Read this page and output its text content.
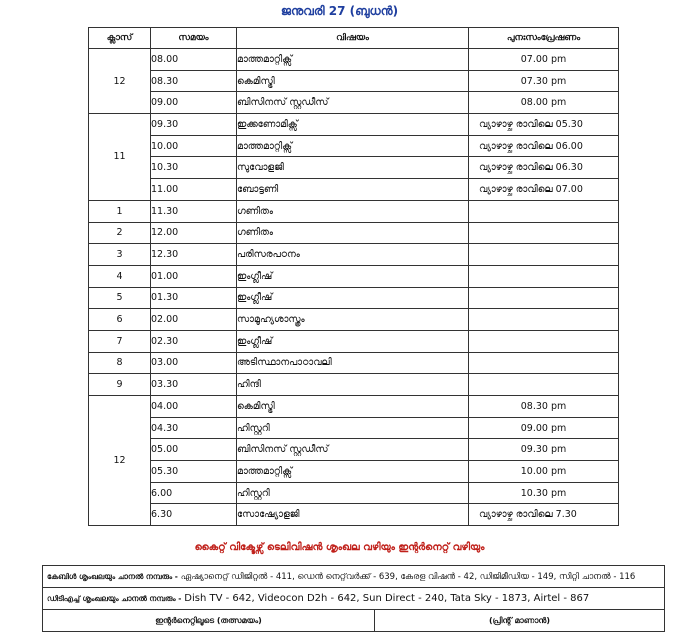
ജനുവരി 27 (ബുധൻ)
ക്ലാസ്	സമയം	വിഷയം	പുനഃസംപ്രേഷണം
12	08.00	മാത്തമാറ്റിക്സ്	07.00 pm
	08.30	കെമിസ്ട്രി	07.30 pm
	09.00	ബിസിനസ് സ്റ്റഡീസ്	08.00 pm
11	09.30	ഇക്കണോമിക്സ്	വ്യാഴാഴ്ച രാവിലെ 05.30
	10.00	മാത്തമാറ്റിക്സ്	വ്യാഴാഴ്ച രാവിലെ 06.00
	10.30	സുവോളജി	വ്യാഴാഴ്ച രാവിലെ 06.30
	11.00	ബോട്ടണി	വ്യാഴാഴ്ച രാവിലെ 07.00
1	11.30	ഗണിതം	
2	12.00	ഗണിതം	
3	12.30	പരിസരപഠനം	
4	01.00	ഇംഗ്ലീഷ്	
5	01.30	ഇംഗ്ലീഷ്	
6	02.00	സാമൂഹ്യശാസ്ത്രം	
7	02.30	ഇംഗ്ലീഷ്	
8	03.00	അടിസ്ഥാനപാഠാവലി	
9	03.30	ഹിന്ദി	
12	04.00	കെമിസ്ട്രി	08.30 pm
	04.30	ഹിസ്റ്ററി	09.00 pm
	05.00	ബിസിനസ് സ്റ്റഡീസ്	09.30 pm
	05.30	മാത്തമാറ്റിക്സ്	10.00 pm
	6.00	ഹിസ്റ്ററി	10.30 pm
	6.30	സോഷ്യോളജി	വ്യാഴാഴ്ച രാവിലെ 7.30
കൈറ്റ് വിക്ടേഴ്സ് ടെലിവിഷൻ ശൃംഖല വഴിയും ഇന്റർനെറ്റ് വഴിയും
കേബിൾ ശൃംഖലയും ചാനൽ നമ്പരും - ഏഷ്യാനെറ്റ് ഡിജിറ്റൽ - 411, ഡെൻ നെറ്റ്‌വർക്ക് - 639, കേരള വിഷൻ - 42, ഡിജിമീഡിയ - 149, സിറ്റി ചാനൽ - 116
ഡിടിഎച്ച് ശൃംഖലയും ചാനൽ നമ്പരും - Dish TV - 642, Videocon D2h - 642, Sun Direct - 240, Tata Sky - 1873, Airtel - 867
ഇന്റർനെറ്റിലൂടെ (തത്സമയം)	(പ്രിന്റ് മാണാൻ)
